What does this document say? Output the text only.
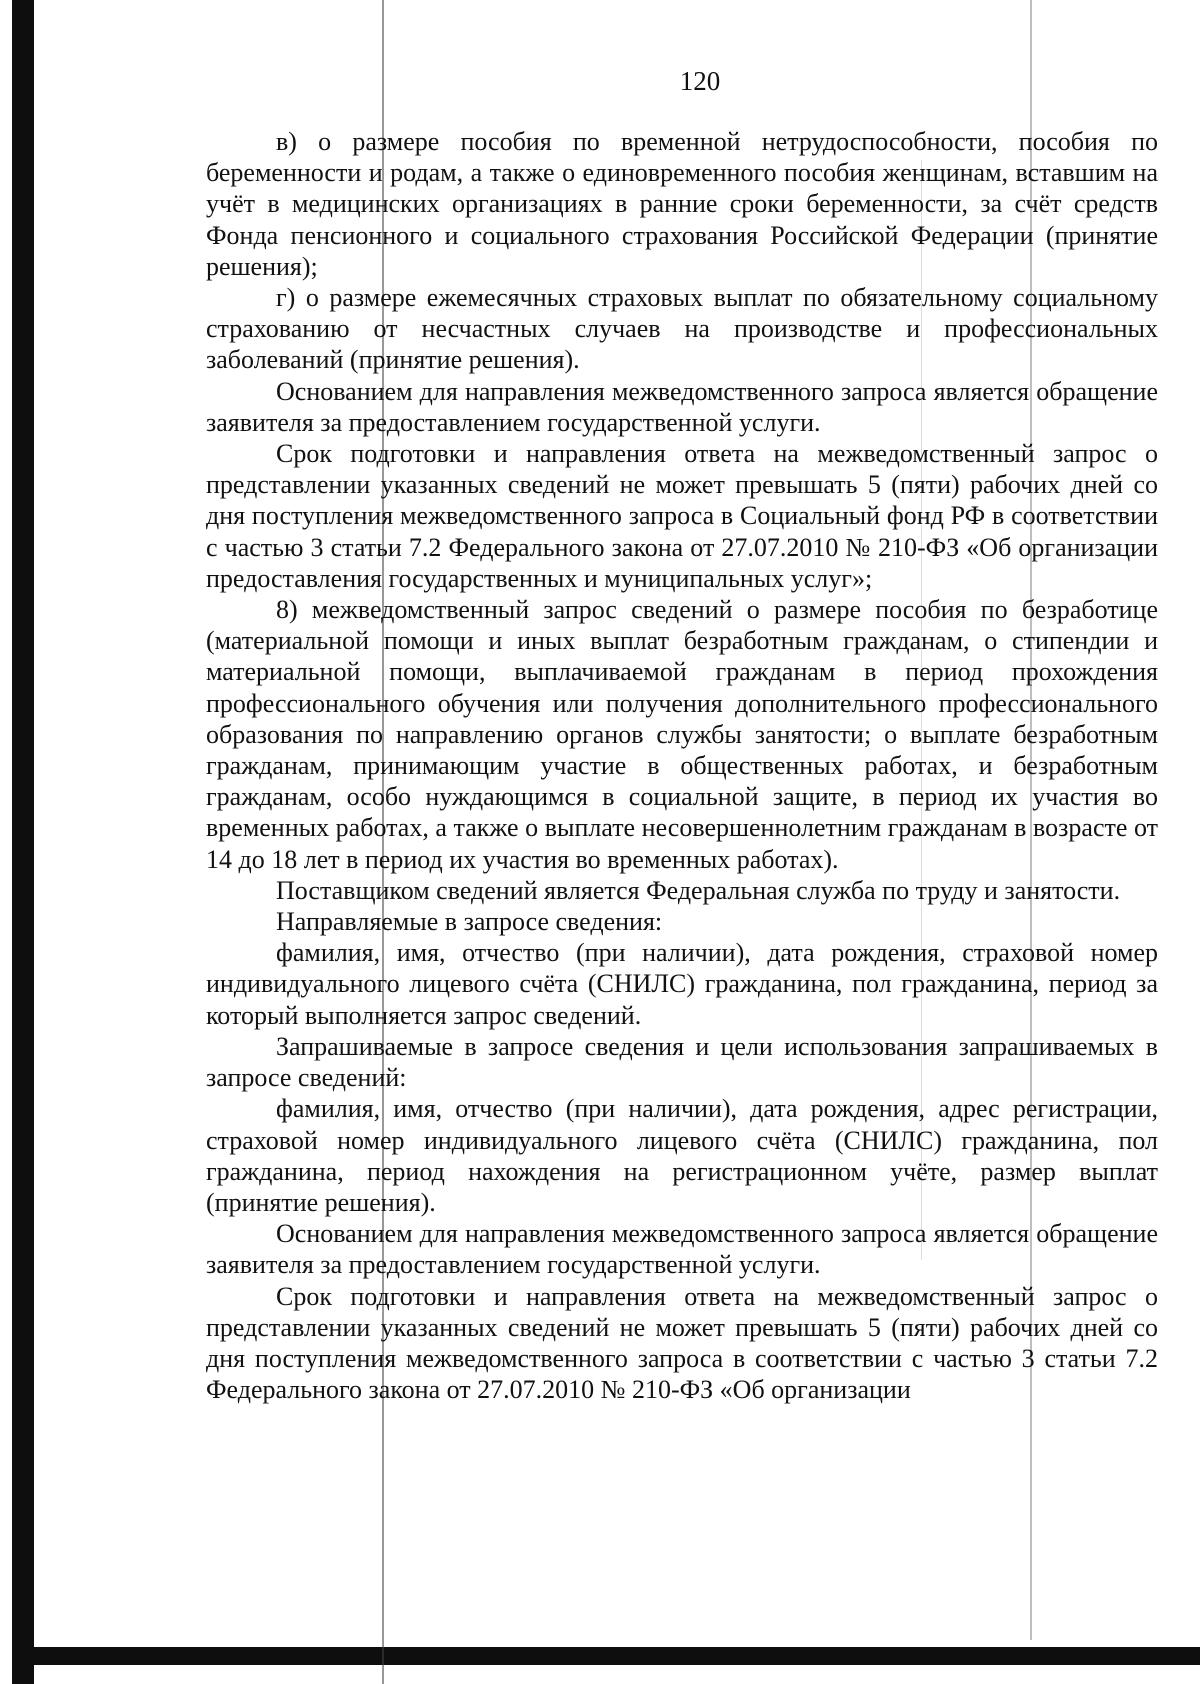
120

в) о размере пособия по временной нетрудоспособности, пособия по беременности и родам, а также о единовременного пособия женщинам, вставшим на учёт в медицинских организациях в ранние сроки беременности, за счёт средств Фонда пенсионного и социального страхования Российской Федерации (принятие решения);

г) о размере ежемесячных страховых выплат по обязательному социальному страхованию от несчастных случаев на производстве и профессиональных заболеваний (принятие решения).

Основанием для направления межведомственного запроса является обращение заявителя за предоставлением государственной услуги.

Срок подготовки и направления ответа на межведомственный запрос о представлении указанных сведений не может превышать 5 (пяти) рабочих дней со дня поступления межведомственного запроса в Социальный фонд РФ в соответствии с частью 3 статьи 7.2 Федерального закона от 27.07.2010 № 210-ФЗ «Об организации предоставления государственных и муниципальных услуг»;

8) межведомственный запрос сведений о размере пособия по безработице (материальной помощи и иных выплат безработным гражданам, о стипендии и материальной помощи, выплачиваемой гражданам в период прохождения профессионального обучения или получения дополнительного профессионального образования по направлению органов службы занятости; о выплате безработным гражданам, принимающим участие в общественных работах, и безработным гражданам, особо нуждающимся в социальной защите, в период их участия во временных работах, а также о выплате несовершеннолетним гражданам в возрасте от 14 до 18 лет в период их участия во временных работах).

Поставщиком сведений является Федеральная служба по труду и занятости.

Направляемые в запросе сведения:

фамилия, имя, отчество (при наличии), дата рождения, страховой номер индивидуального лицевого счёта (СНИЛС) гражданина, пол гражданина, период за который выполняется запрос сведений.

Запрашиваемые в запросе сведения и цели использования запрашиваемых в запросе сведений:

фамилия, имя, отчество (при наличии), дата рождения, адрес регистрации, страховой номер индивидуального лицевого счёта (СНИЛС) гражданина, пол гражданина, период нахождения на регистрационном учёте, размер выплат (принятие решения).

Основанием для направления межведомственного запроса является обращение заявителя за предоставлением государственной услуги.

Срок подготовки и направления ответа на межведомственный запрос о представлении указанных сведений не может превышать 5 (пяти) рабочих дней со дня поступления межведомственного запроса в соответствии с частью 3 статьи 7.2 Федерального закона от 27.07.2010 № 210-ФЗ «Об организации
